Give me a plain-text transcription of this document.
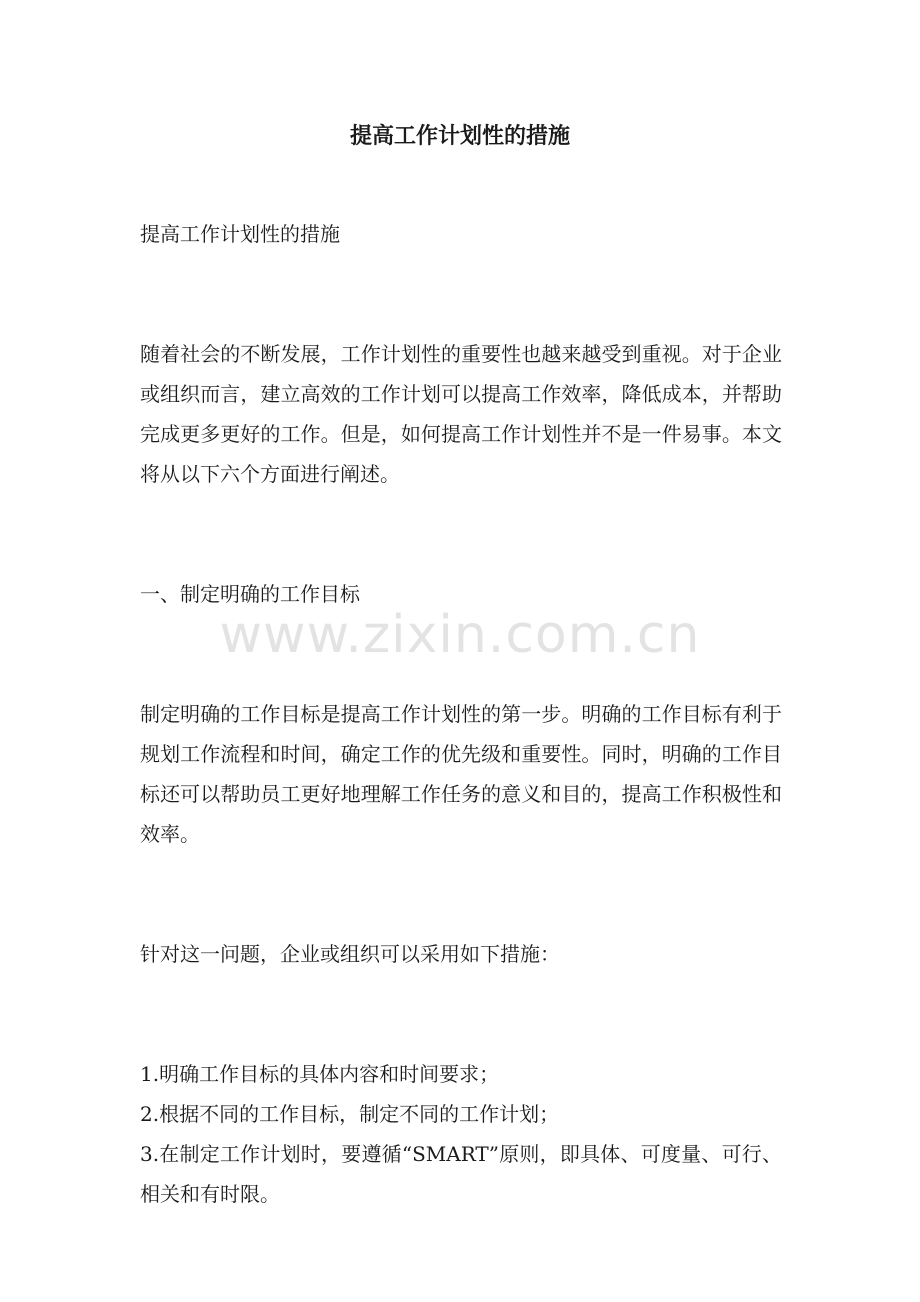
提高工作计划性的措施

提高工作计划性的措施

随着社会的不断发展，工作计划性的重要性也越来越受到重视。对于企业或组织而言，建立高效的工作计划可以提高工作效率，降低成本，并帮助完成更多更好的工作。但是，如何提高工作计划性并不是一件易事。本文将从以下六个方面进行阐述。

一、制定明确的工作目标

制定明确的工作目标是提高工作计划性的第一步。明确的工作目标有利于规划工作流程和时间，确定工作的优先级和重要性。同时，明确的工作目标还可以帮助员工更好地理解工作任务的意义和目的，提高工作积极性和效率。

针对这一问题，企业或组织可以采用如下措施：

1.明确工作目标的具体内容和时间要求；

2.根据不同的工作目标，制定不同的工作计划；

3.在制定工作计划时，要遵循“SMART”原则，即具体、可度量、可行、相关和有时限。

www.zixin.com.cn
